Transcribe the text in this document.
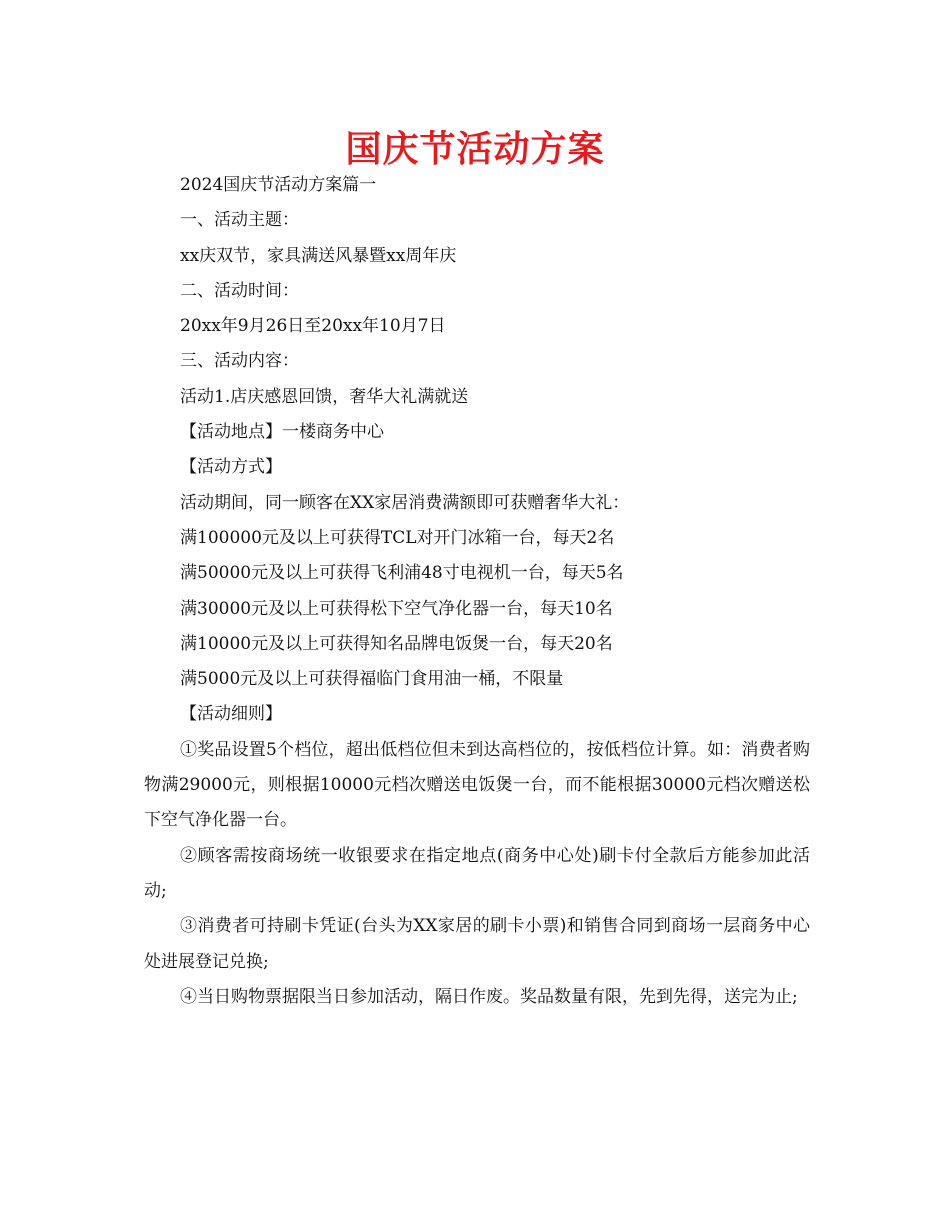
国庆节活动方案
2024国庆节活动方案篇一
一、活动主题：
xx庆双节，家具满送风暴暨xx周年庆
二、活动时间：
20xx年9月26日至20xx年10月7日
三、活动内容：
活动1.店庆感恩回馈，奢华大礼满就送
【活动地点】一楼商务中心
【活动方式】
活动期间，同一顾客在XX家居消费满额即可获赠奢华大礼：
满100000元及以上可获得TCL对开门冰箱一台，每天2名
满50000元及以上可获得飞利浦48寸电视机一台，每天5名
满30000元及以上可获得松下空气净化器一台，每天10名
满10000元及以上可获得知名品牌电饭煲一台，每天20名
满5000元及以上可获得福临门食用油一桶，不限量
【活动细则】

①奖品设置5个档位，超出低档位但未到达高档位的，按低档位计算。如：消费者购物满29000元，则根据10000元档次赠送电饭煲一台，而不能根据30000元档次赠送松下空气净化器一台。

②顾客需按商场统一收银要求在指定地点(商务中心处)刷卡付全款后方能参加此活动;

③消费者可持刷卡凭证(台头为XX家居的刷卡小票)和销售合同到商场一层商务中心处进展登记兑换;

④当日购物票据限当日参加活动，隔日作废。奖品数量有限，先到先得，送完为止;
